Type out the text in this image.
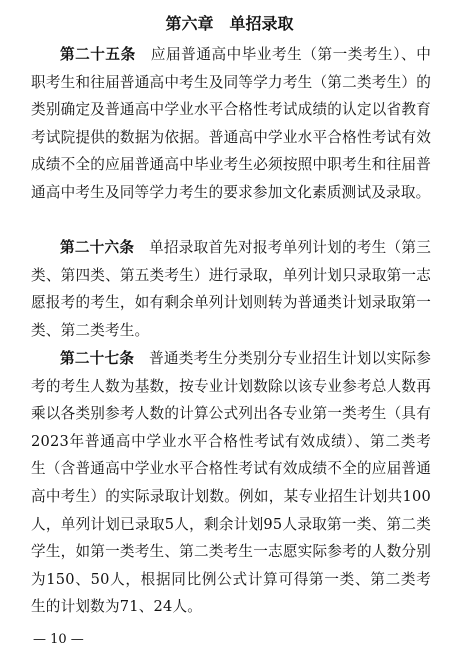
第六章　单招录取

第二十五条  应届普通高中毕业考生（第一类考生）、中职考生和往届普通高中考生及同等学力考生（第二类考生）的类别确定及普通高中学业水平合格性考试成绩的认定以省教育考试院提供的数据为依据。普通高中学业水平合格性考试有效成绩不全的应届普通高中毕业考生必须按照中职考生和往届普通高中考生及同等学力考生的要求参加文化素质测试及录取。

第二十六条  单招录取首先对报考单列计划的考生（第三类、第四类、第五类考生）进行录取，单列计划只录取第一志愿报考的考生，如有剩余单列计划则转为普通类计划录取第一类、第二类考生。

第二十七条  普通类考生分类别分专业招生计划以实际参考的考生人数为基数，按专业计划数除以该专业参考总人数再乘以各类别参考人数的计算公式列出各专业第一类考生（具有2023年普通高中学业水平合格性考试有效成绩）、第二类考生（含普通高中学业水平合格性考试有效成绩不全的应届普通高中考生）的实际录取计划数。例如，某专业招生计划共100人，单列计划已录取5人，剩余计划95人录取第一类、第二类学生，如第一类考生、第二类考生一志愿实际参考的人数分别为150、50人，根据同比例公式计算可得第一类、第二类考生的计划数为71、24人。

— 10 —
